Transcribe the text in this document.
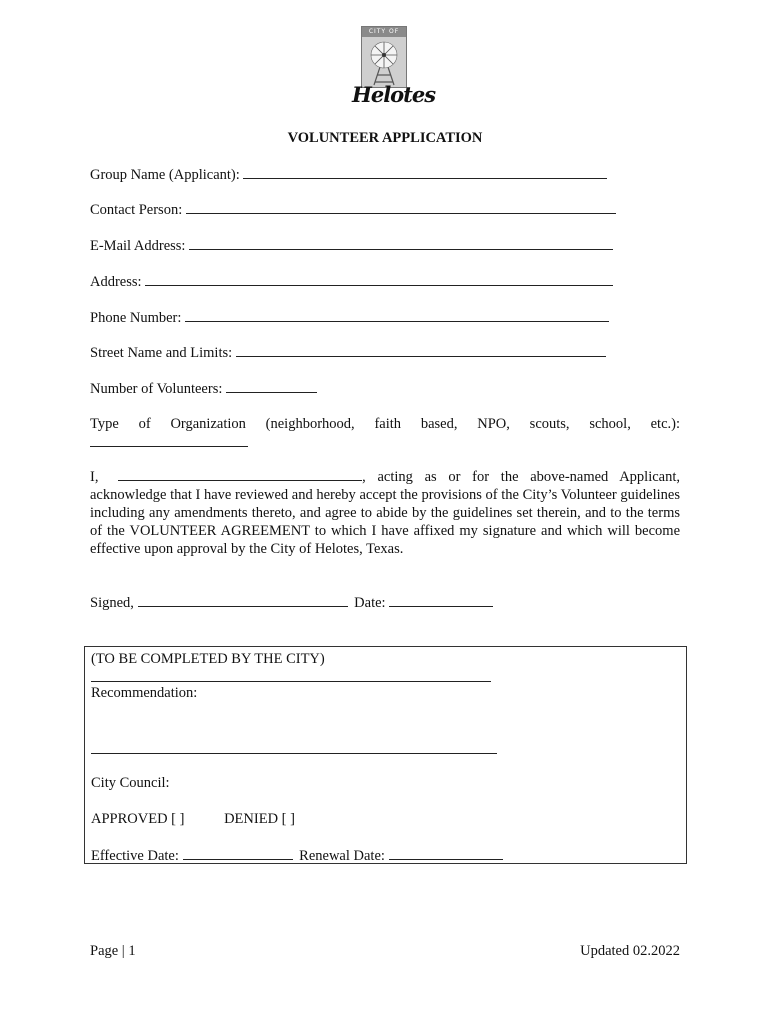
CITY OF
Helotes
VOLUNTEER APPLICATION
Group Name (Applicant):
Contact Person:
E-Mail Address:
Address:
Phone Number:
Street Name and Limits:
Number of Volunteers:
Type of Organization (neighborhood, faith based, NPO, scouts, school, etc.):
I,	, acting as or for the above-named Applicant, acknowledge that I have reviewed and hereby accept the provisions of the City’s Volunteer guidelines including any amendments thereto, and agree to abide by the guidelines set therein, and to the terms of the VOLUNTEER AGREEMENT to which I have affixed my signature and which will become effective upon approval by the City of Helotes, Texas.
Signed,	Date:
(TO BE COMPLETED BY THE CITY)
Recommendation:
City Council:
APPROVED [ ]	DENIED [ ]
Effective Date:	Renewal Date:
Page | 1	Updated 02.2022
